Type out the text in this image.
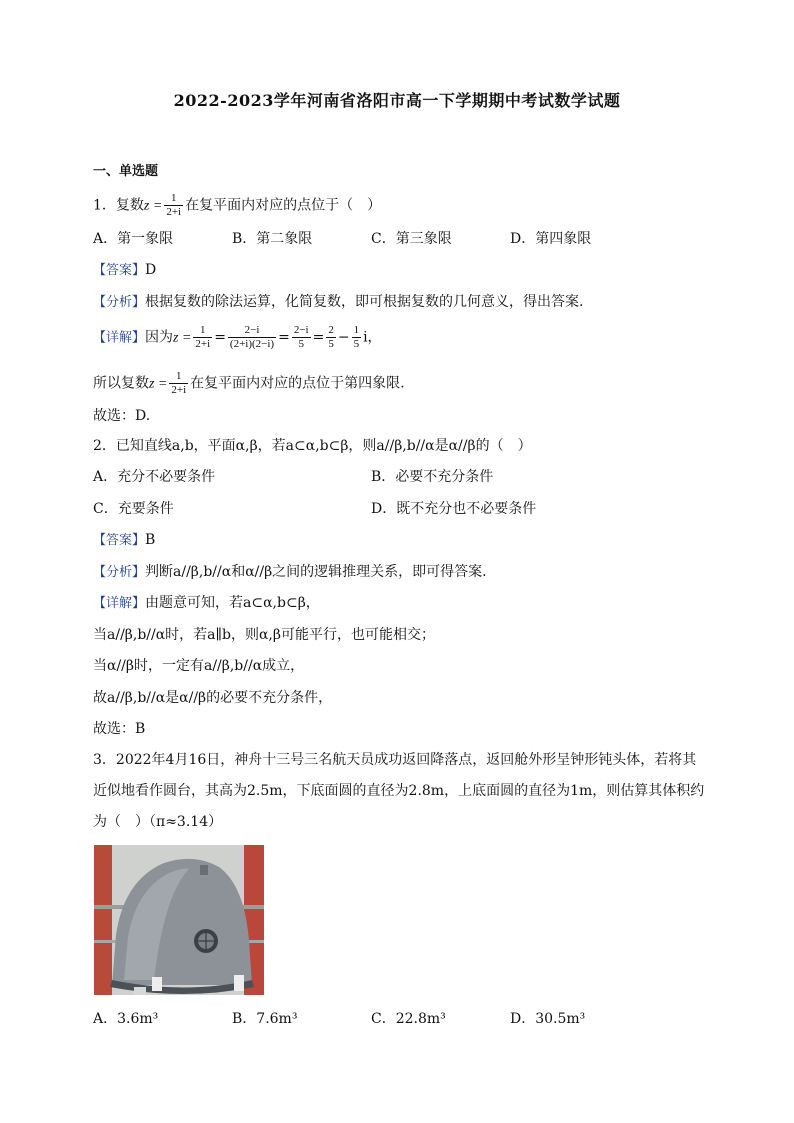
2022-2023学年河南省洛阳市高一下学期期中考试数学试题
一、单选题
1．复数$z = \frac{1}{2+i}$ 在复平面内对应的点位于（　）
A．第一象限	B．第二象限	C．第三象限	D．第四象限
【答案】D
【分析】根据复数的除法运算，化简复数，即可根据复数的几何意义，得出答案.
【详解】因为$z = \frac{1}{2+i} = \frac{2-i}{(2+i)(2-i)} = \frac{2-i}{5} = \frac{2}{5} - \frac{1}{5}$ i，
所以复数$z = \frac{1}{2+i}$ 在复平面内对应的点位于第四象限.
故选：D.
2．已知直线a,b，平面α,β，若a⊂α,b⊂β，则a//β,b//α是α//β的（　）
A．充分不必要条件	B．必要不充分条件
C．充要条件	D．既不充分也不必要条件
【答案】B
【分析】判断a//β,b//α和α//β之间的逻辑推理关系，即可得答案.
【详解】由题意可知，若a⊂α,b⊂β，
当a//β,b//α时，若a∥b，则α,β可能平行，也可能相交；
当α//β时，一定有a//β,b//α成立，
故a//β,b//α是α//β的必要不充分条件，
故选：B
3．2022年4月16日，神舟十三号三名航天员成功返回降落点，返回舱外形呈钟形钝头体，若将其
近似地看作圆台，其高为2.5m，下底面圆的直径为2.8m，上底面圆的直径为1m，则估算其体积约
为（　）（π≈3.14）
A．3.6m³	B．7.6m³	C．22.8m³	D．30.5m³
